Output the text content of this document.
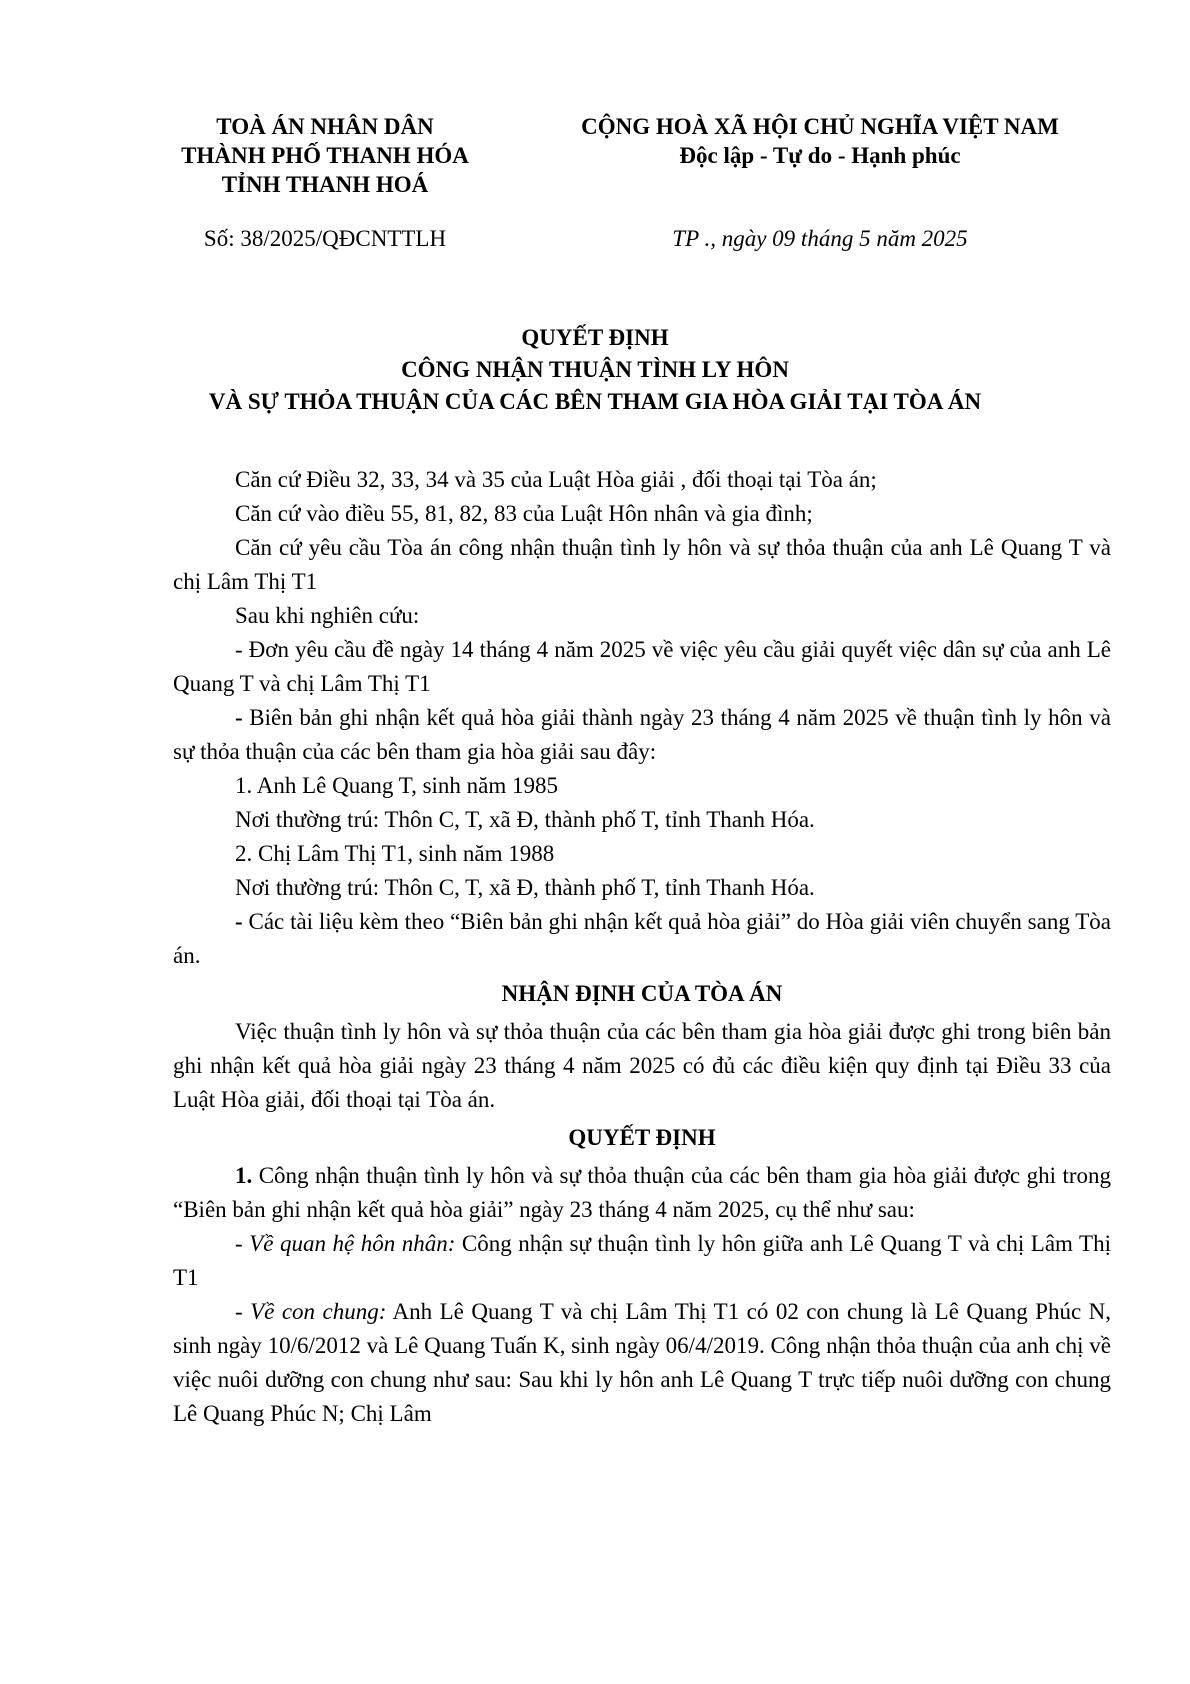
TOÀ ÁN NHÂN DÂN
THÀNH PHỐ THANH HÓA
TỈNH THANH HOÁ
CỘNG HOÀ XÃ HỘI CHỦ NGHĨA VIỆT NAM
Độc lập - Tự do - Hạnh phúc
Số: 38/2025/QĐCNTTLH	TP ., ngày 09 tháng 5 năm 2025
QUYẾT ĐỊNH
CÔNG NHẬN THUẬN TÌNH LY HÔN
VÀ SỰ THỎA THUẬN CỦA CÁC BÊN THAM GIA HÒA GIẢI TẠI TÒA ÁN

Căn cứ Điều 32, 33, 34 và 35 của Luật Hòa giải , đối thoại tại Tòa án;

Căn cứ vào điều 55, 81, 82, 83 của Luật Hôn nhân và gia đình;

Căn cứ yêu cầu Tòa án công nhận thuận tình ly hôn và sự thỏa thuận của anh Lê Quang T và chị Lâm Thị T1

Sau khi nghiên cứu:

- Đơn yêu cầu đề ngày 14 tháng 4 năm 2025 về việc yêu cầu giải quyết việc dân sự của anh Lê Quang T và chị Lâm Thị T1

- Biên bản ghi nhận kết quả hòa giải thành ngày 23 tháng 4 năm 2025 về thuận tình ly hôn và sự thỏa thuận của các bên tham gia hòa giải sau đây:

1. Anh Lê Quang T, sinh năm 1985

Nơi thường trú: Thôn C, T, xã Đ, thành phố T, tỉnh Thanh Hóa.

2. Chị Lâm Thị T1, sinh năm 1988

Nơi thường trú: Thôn C, T, xã Đ, thành phố T, tỉnh Thanh Hóa.

- Các tài liệu kèm theo “Biên bản ghi nhận kết quả hòa giải” do Hòa giải viên chuyển sang Tòa án.

NHẬN ĐỊNH CỦA TÒA ÁN

Việc thuận tình ly hôn và sự thỏa thuận của các bên tham gia hòa giải được ghi trong biên bản ghi nhận kết quả hòa giải ngày 23 tháng 4 năm 2025 có đủ các điều kiện quy định tại Điều 33 của Luật Hòa giải, đối thoại tại Tòa án.

QUYẾT ĐỊNH

1. Công nhận thuận tình ly hôn và sự thỏa thuận của các bên tham gia hòa giải được ghi trong “Biên bản ghi nhận kết quả hòa giải” ngày 23 tháng 4 năm 2025, cụ thể như sau:

- Về quan hệ hôn nhân: Công nhận sự thuận tình ly hôn giữa anh Lê Quang T và chị Lâm Thị T1

- Về con chung: Anh Lê Quang T và chị Lâm Thị T1 có 02 con chung là Lê Quang Phúc N, sinh ngày 10/6/2012 và Lê Quang Tuấn K, sinh ngày 06/4/2019. Công nhận thỏa thuận của anh chị về việc nuôi dưỡng con chung như sau: Sau khi ly hôn anh Lê Quang T trực tiếp nuôi dưỡng con chung Lê Quang Phúc N; Chị Lâm
